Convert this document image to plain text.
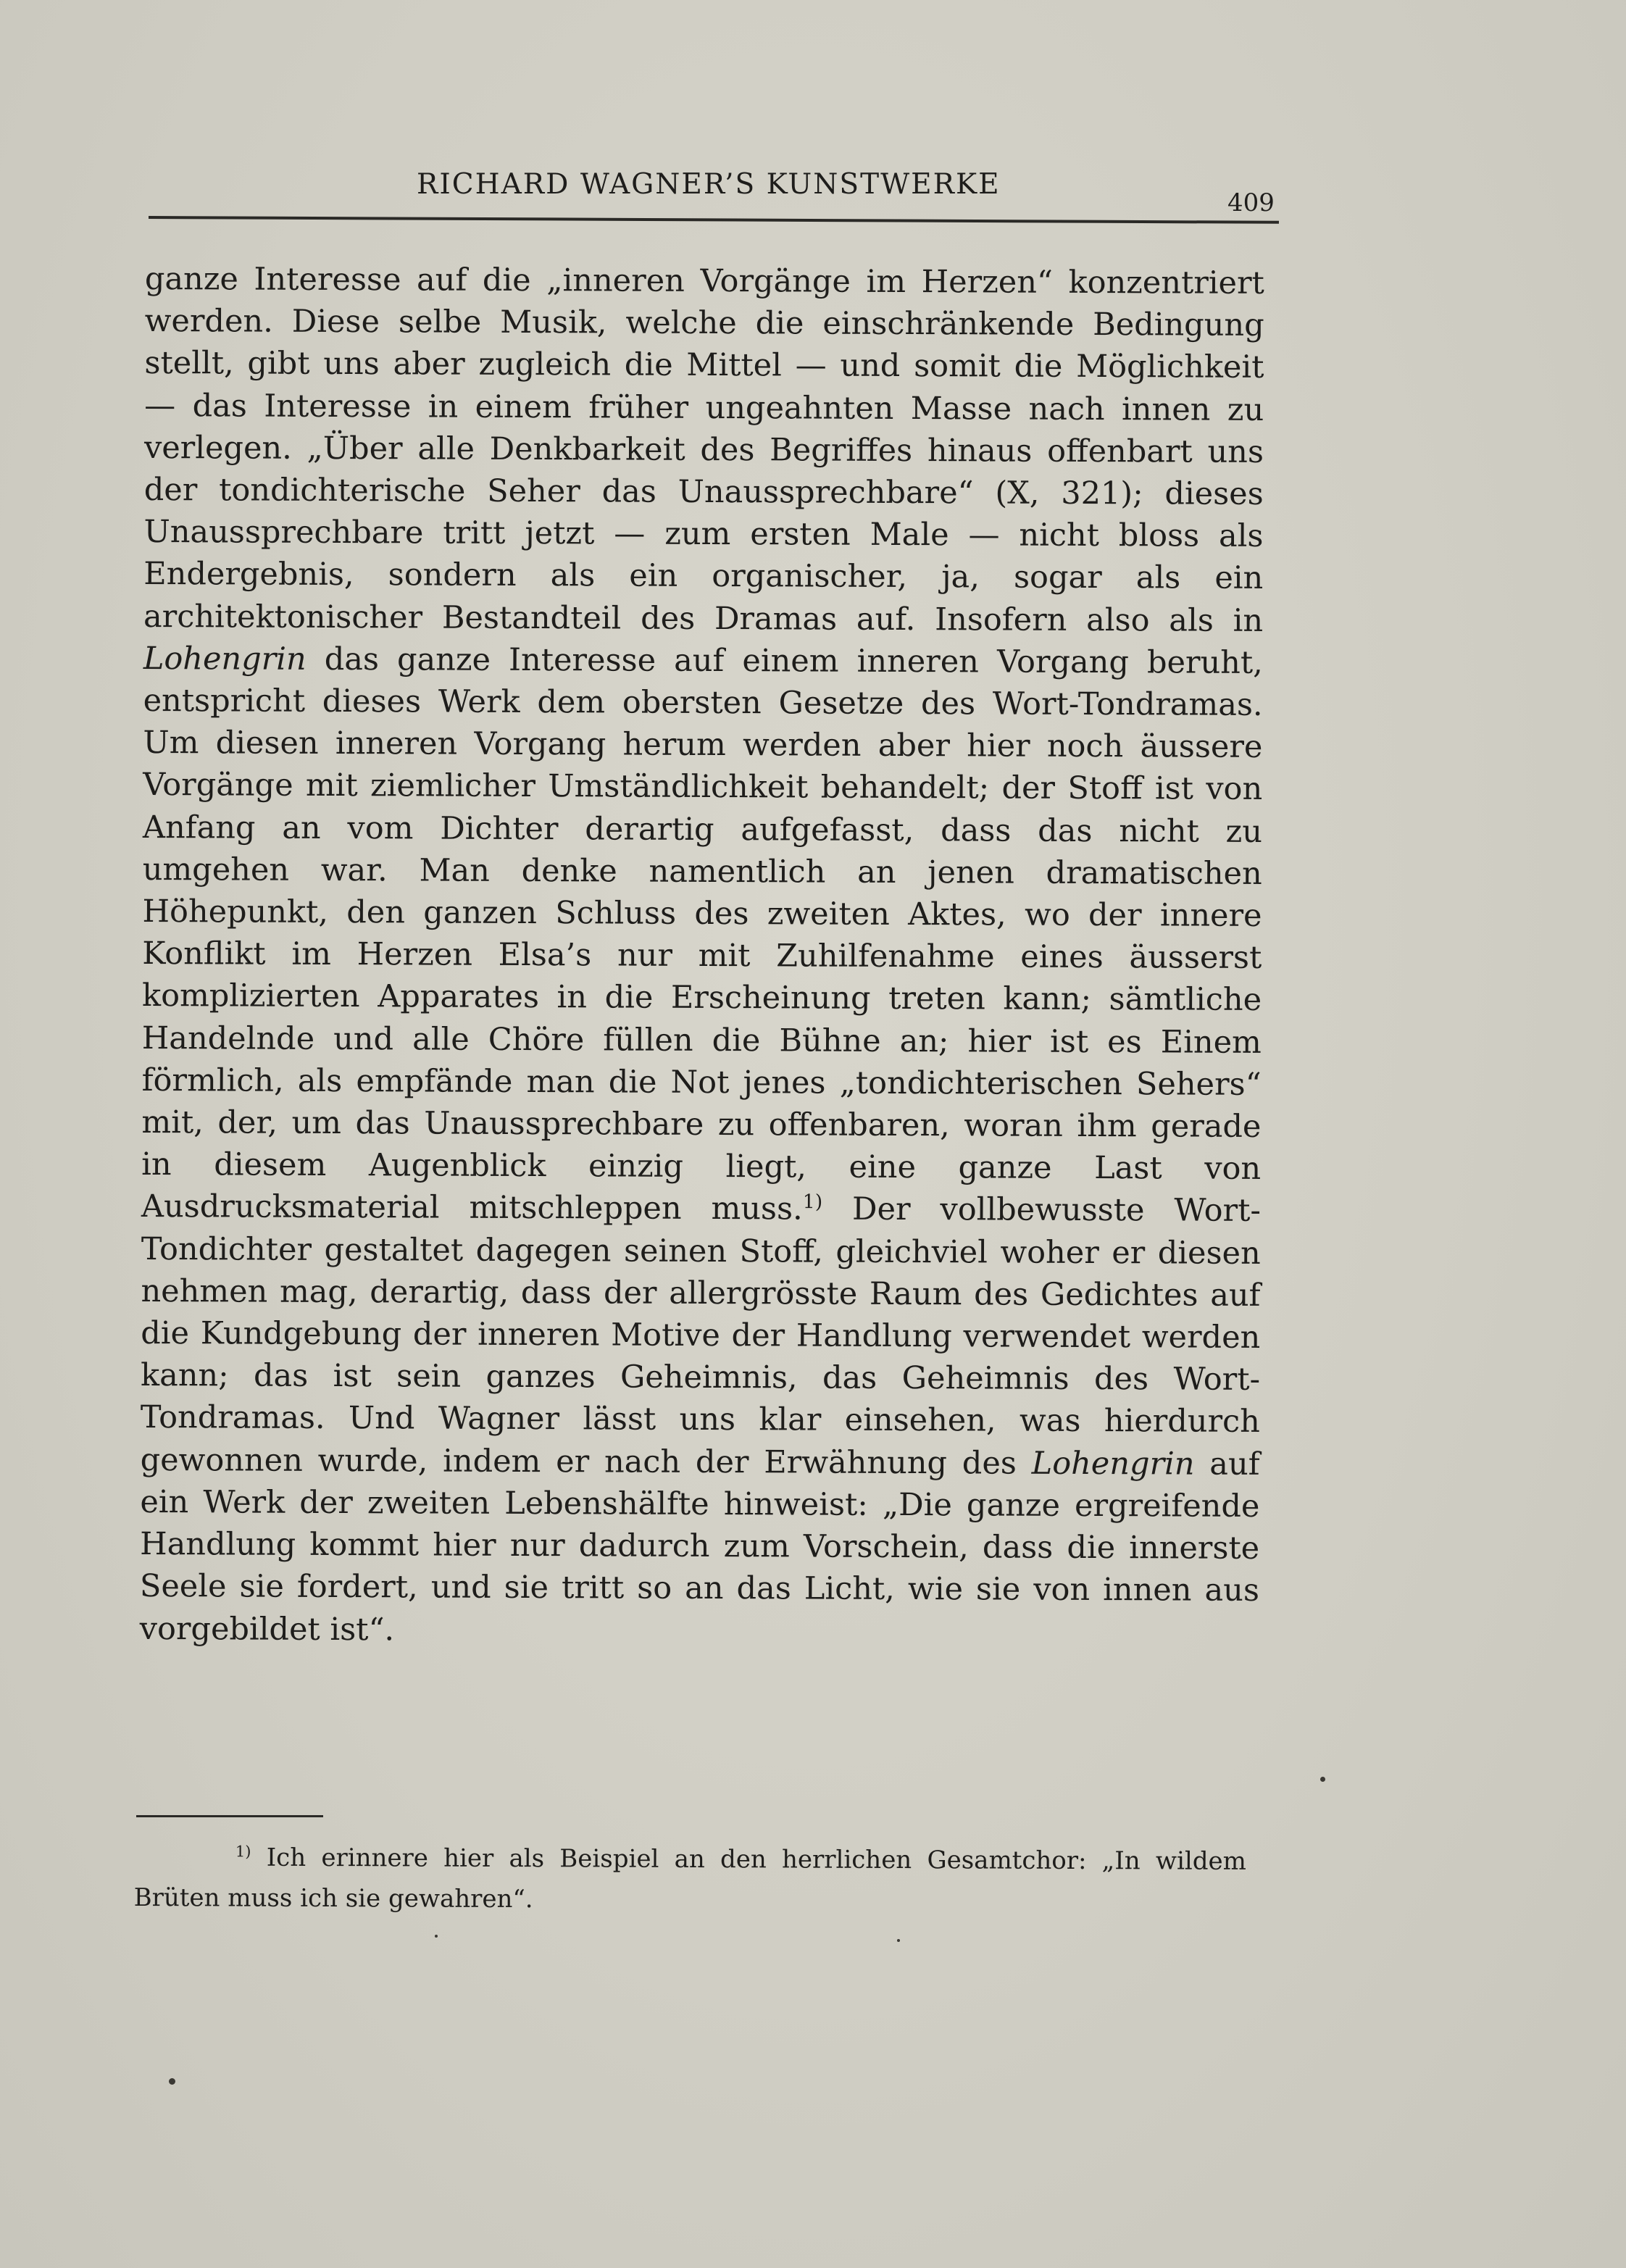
RICHARD WAGNER’S KUNSTWERKE
409

ganze Interesse auf die „inneren Vorgänge im Herzen“ konzentriert werden. Diese selbe Musik, welche die einschränkende Bedingung stellt, gibt uns aber zugleich die Mittel — und somit die Möglichkeit — das Interesse in einem früher ungeahnten Masse nach innen zu verlegen. „Über alle Denkbarkeit des Begriffes hinaus offenbart uns der tondichterische Seher das Unaussprechbare“ (X, 321); dieses Unaussprechbare tritt jetzt — zum ersten Male — nicht bloss als Endergebnis, sondern als ein organischer, ja, sogar als ein architektonischer Bestandteil des Dramas auf. Insofern also als in Lohengrin das ganze Interesse auf einem inneren Vorgang beruht, entspricht dieses Werk dem obersten Gesetze des Wort-Tondramas. Um diesen inneren Vorgang herum werden aber hier noch äussere Vorgänge mit ziemlicher Umständlichkeit behandelt; der Stoff ist von Anfang an vom Dichter derartig aufgefasst, dass das nicht zu umgehen war. Man denke namentlich an jenen dramatischen Höhepunkt, den ganzen Schluss des zweiten Aktes, wo der innere Konflikt im Herzen Elsa’s nur mit Zuhilfenahme eines äusserst komplizierten Apparates in die Erscheinung treten kann; sämtliche Handelnde und alle Chöre füllen die Bühne an; hier ist es Einem förmlich, als empfände man die Not jenes „tondichterischen Sehers“ mit, der, um das Unaussprechbare zu offenbaren, woran ihm gerade in diesem Augenblick einzig liegt, eine ganze Last von Ausdrucksmaterial mitschleppen muss.$^{1)}$ Der vollbewusste Wort-Tondichter gestaltet dagegen seinen Stoff, gleichviel woher er diesen nehmen mag, derartig, dass der allergrösste Raum des Gedichtes auf die Kundgebung der inneren Motive der Handlung verwendet werden kann; das ist sein ganzes Geheimnis, das Geheimnis des Wort-Tondramas. Und Wagner lässt uns klar einsehen, was hierdurch gewonnen wurde, indem er nach der Erwähnung des Lohengrin auf ein Werk der zweiten Lebenshälfte hinweist: „Die ganze ergreifende Handlung kommt hier nur dadurch zum Vorschein, dass die innerste Seele sie fordert, und sie tritt so an das Licht, wie sie von innen aus vorgebildet ist“.

$^{1)}$ Ich erinnere hier als Beispiel an den herrlichen Gesamtchor: „In wildem Brüten muss ich sie gewahren“.
